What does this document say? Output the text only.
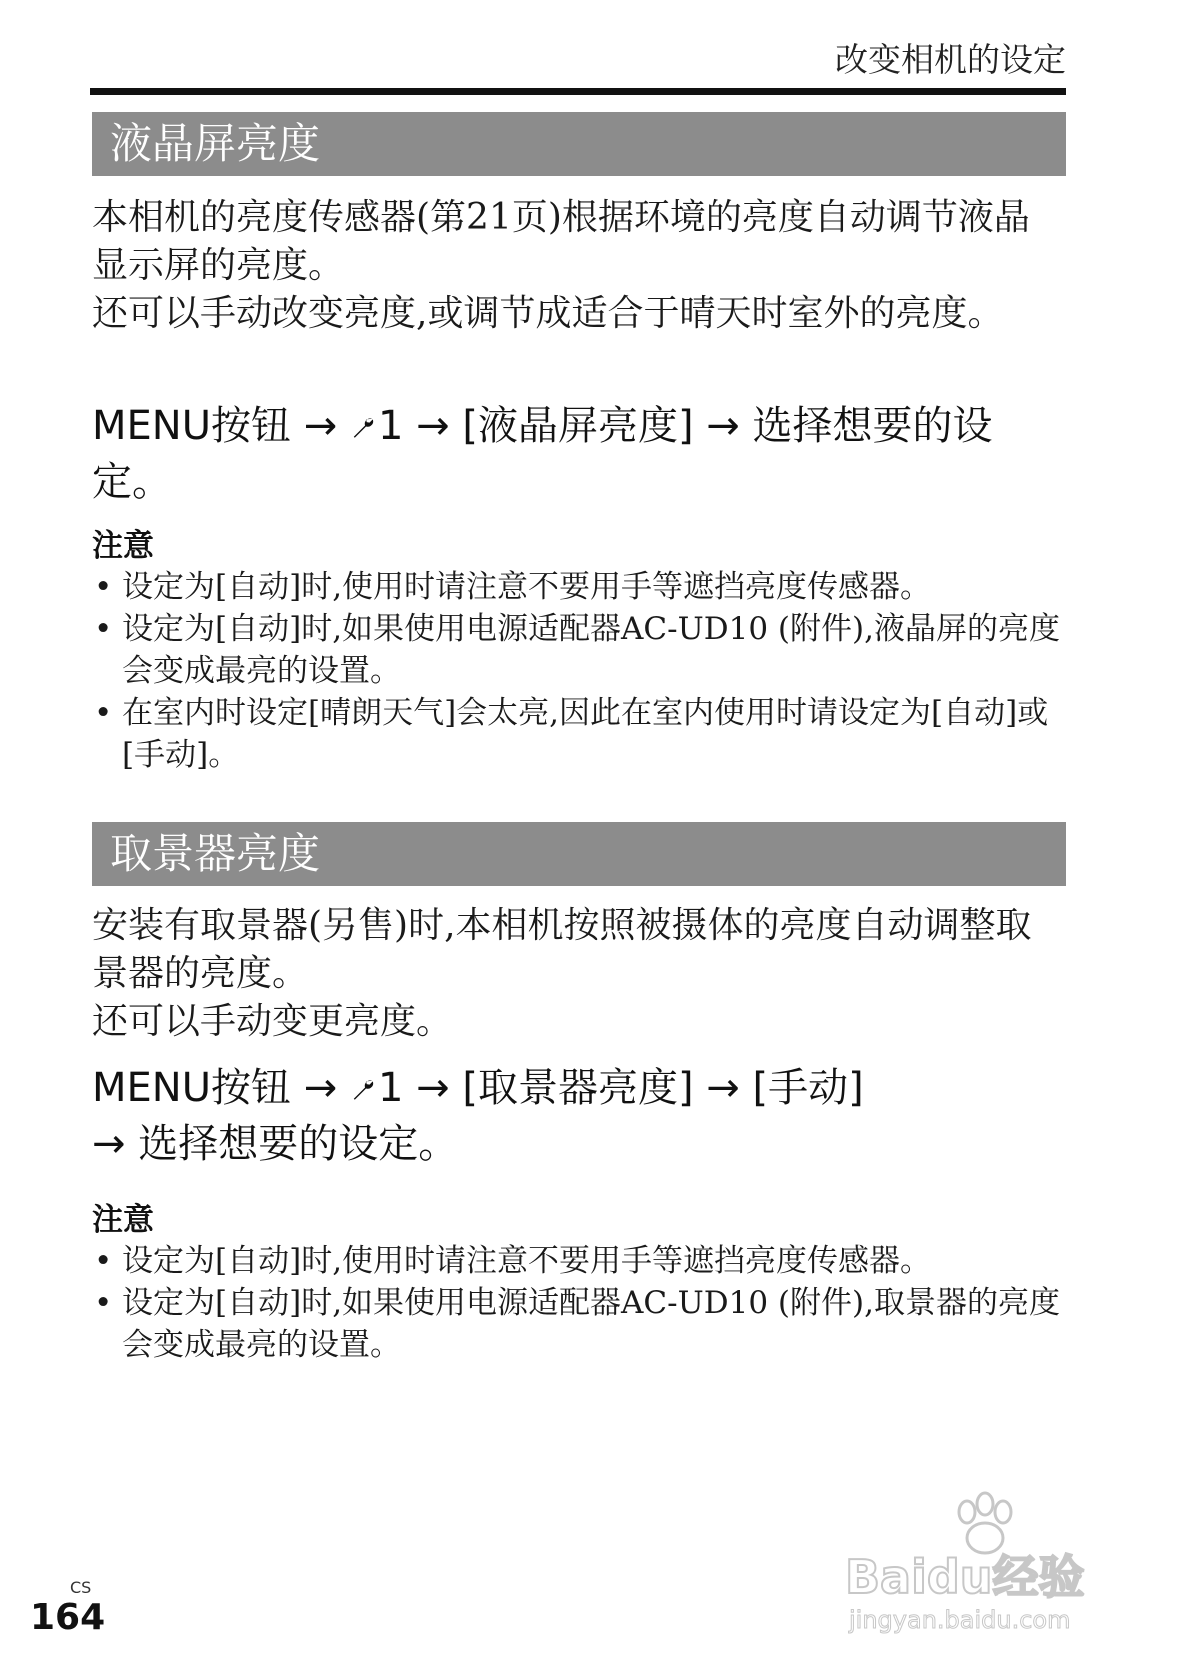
改变相机的设定
液晶屏亮度

本相机的亮度传感器(第21页)根据环境的亮度自动调节液晶显示屏的亮度。

还可以手动改变亮度,或调节成适合于晴天时室外的亮度。

MENU按钮 → 1 → [液晶屏亮度] → 选择想要的设定。
注意
• 设定为[自动]时,使用时请注意不要用手等遮挡亮度传感器。
• 设定为[自动]时,如果使用电源适配器AC-UD10 (附件),液晶屏的亮度会变成最亮的设置。
• 在室内时设定[晴朗天气]会太亮,因此在室内使用时请设定为[自动]或[手动]。
取景器亮度

安装有取景器(另售)时,本相机按照被摄体的亮度自动调整取景器的亮度。

还可以手动变更亮度。

MENU按钮 → 1 → [取景器亮度] → [手动]
→ 选择想要的设定。
注意
• 设定为[自动]时,使用时请注意不要用手等遮挡亮度传感器。
• 设定为[自动]时,如果使用电源适配器AC-UD10 (附件),取景器的亮度会变成最亮的设置。
CS
164
Baidu经验
jingyan.baidu.com
